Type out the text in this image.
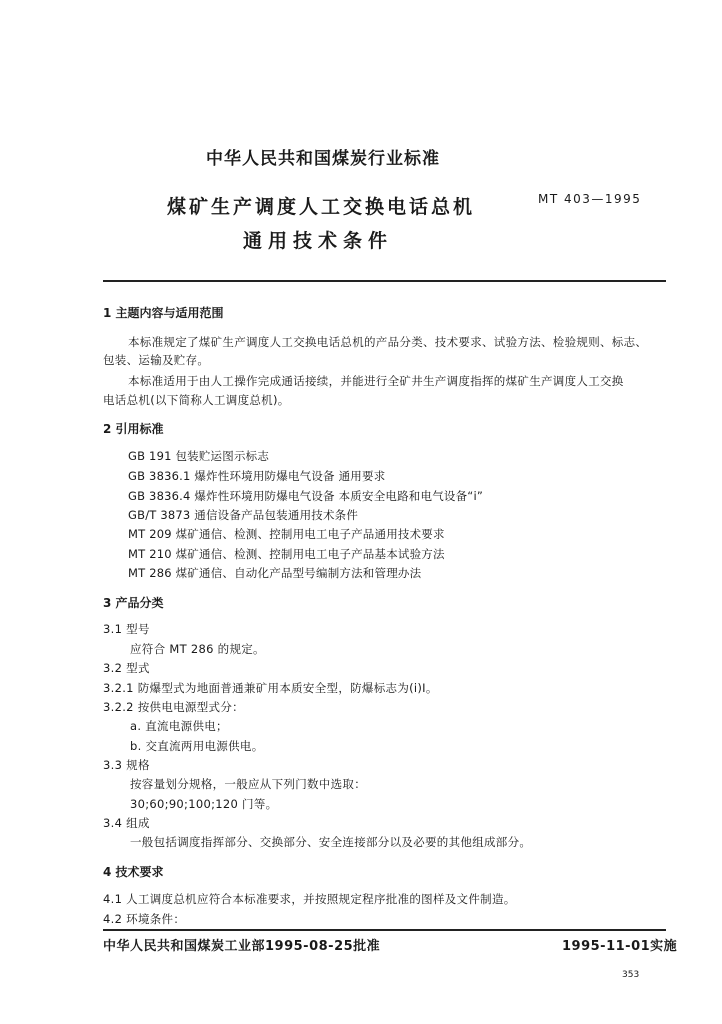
中华人民共和国煤炭行业标准
煤矿生产调度人工交换电话总机	MT 403—1995
通用技术条件
1 主题内容与适用范围
本标准规定了煤矿生产调度人工交换电话总机的产品分类、技术要求、试验方法、检验规则、标志、
包装、运输及贮存。
本标准适用于由人工操作完成通话接续，并能进行全矿井生产调度指挥的煤矿生产调度人工交换
电话总机(以下简称人工调度总机)。
2 引用标准
GB 191 包装贮运图示标志
GB 3836.1 爆炸性环境用防爆电气设备 通用要求
GB 3836.4 爆炸性环境用防爆电气设备 本质安全电路和电气设备“i”
GB/T 3873 通信设备产品包装通用技术条件
MT 209 煤矿通信、检测、控制用电工电子产品通用技术要求
MT 210 煤矿通信、检测、控制用电工电子产品基本试验方法
MT 286 煤矿通信、自动化产品型号编制方法和管理办法
3 产品分类
3.1 型号
应符合 MT 286 的规定。
3.2 型式
3.2.1 防爆型式为地面普通兼矿用本质安全型，防爆标志为(i)I。
3.2.2 按供电电源型式分：
a. 直流电源供电；
b. 交直流两用电源供电。
3.3 规格
按容量划分规格，一般应从下列门数中选取：
30;60;90;100;120 门等。
3.4 组成
一般包括调度指挥部分、交换部分、安全连接部分以及必要的其他组成部分。
4 技术要求
4.1 人工调度总机应符合本标准要求，并按照规定程序批准的图样及文件制造。
4.2 环境条件：
中华人民共和国煤炭工业部1995-08-25批准	1995-11-01实施
353
